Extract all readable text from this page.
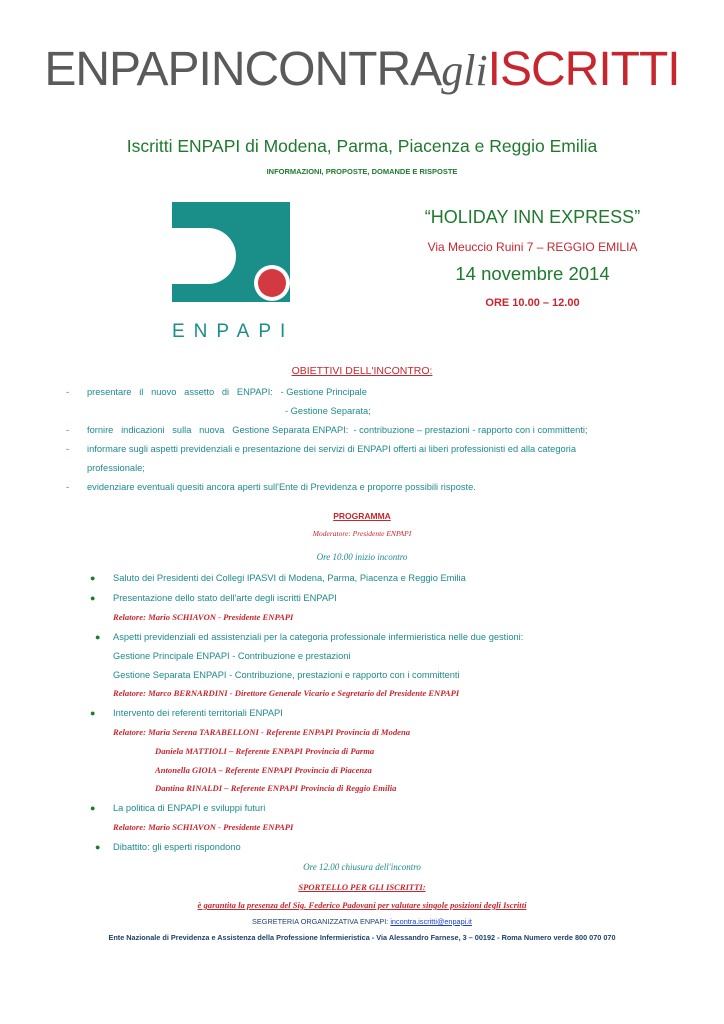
ENPAPINCONTRAgliISCRITTI
Iscritti ENPAPI di Modena, Parma, Piacenza e Reggio Emilia
INFORMAZIONI, PROPOSTE, DOMANDE E RISPOSTE
ENPAPI
“HOLIDAY INN EXPRESS”
Via Meuccio Ruini 7 – REGGIO EMILIA
14 novembre 2014
ORE 10.00 – 12.00
OBIETTIVI DELL'INCONTRO:
- presentare   il   nuovo   assetto   di   ENPAPI:   - Gestione Principale
- Gestione Separata;
- fornire   indicazioni   sulla   nuova   Gestione Separata ENPAPI:  - contribuzione – prestazioni - rapporto con i committenti;
- informare sugli aspetti previdenziali e presentazione dei servizi di ENPAPI offerti ai liberi professionisti ed alla categoria
professionale;
- evidenziare eventuali quesiti ancora aperti sull'Ente di Previdenza e proporre possibili risposte.
PROGRAMMA
Moderatore: Presidente ENPAPI
Ore 10.00 inizio incontro
● Saluto dei Presidenti dei Collegi IPASVI di Modena, Parma, Piacenza e Reggio Emilia
● Presentazione dello stato dell'arte degli iscritti ENPAPI
Relatore: Mario SCHIAVON - Presidente ENPAPI
● Aspetti previdenziali ed assistenziali per la categoria professionale infermieristica nelle due gestioni:
Gestione Principale ENPAPI - Contribuzione e prestazioni
Gestione Separata ENPAPI - Contribuzione, prestazioni e rapporto con i committenti
Relatore: Marco BERNARDINI - Direttore Generale Vicario e Segretario del Presidente ENPAPI
● Intervento dei referenti territoriali ENPAPI
Relatore: Maria Serena TARABELLONI - Referente ENPAPI Provincia di Modena
Daniela MATTIOLI – Referente ENPAPI Provincia di Parma
Antonella GIOIA – Referente ENPAPI Provincia di Piacenza
Dantina RINALDI – Referente ENPAPI Provincia di Reggio Emilia
● La politica di ENPAPI e sviluppi futuri
Relatore: Mario SCHIAVON - Presidente ENPAPI
● Dibattito: gli esperti rispondono
Ore 12.00 chiusura dell'incontro
SPORTELLO PER GLI ISCRITTI:
è garantita la presenza del Sig. Federico Padovani per valutare singole posizioni degli Iscritti
SEGRETERIA ORGANIZZATIVA ENPAPI: incontra.iscritti@enpapi.it
Ente Nazionale di Previdenza e Assistenza della Professione Infermieristica - Via Alessandro Farnese, 3 – 00192 - Roma Numero verde 800 070 070
